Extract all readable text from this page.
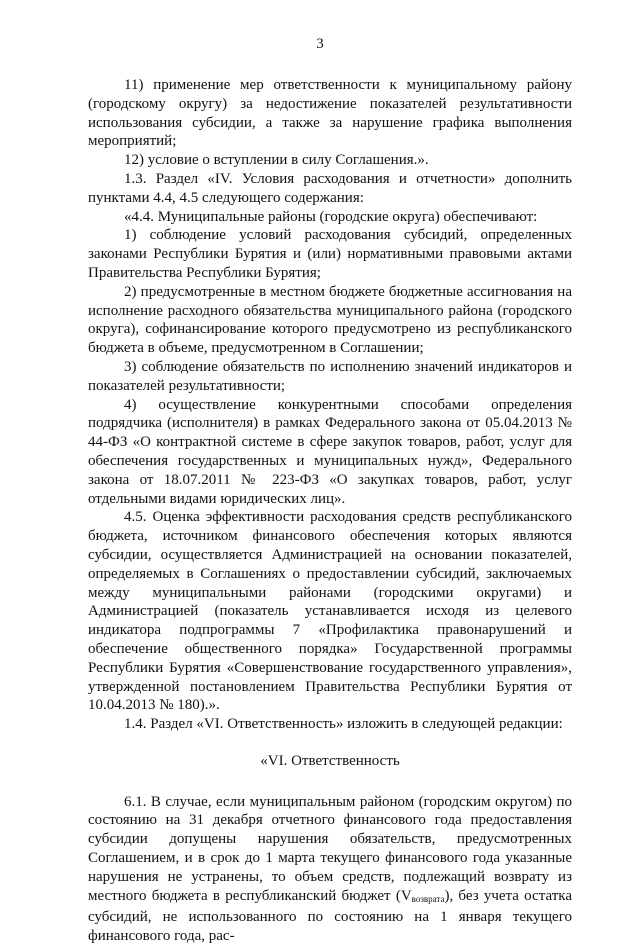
3

11) применение мер ответственности к муниципальному району (городскому округу) за недостижение показателей результативности использования субсидии, а также за нарушение графика выполнения мероприятий;

12) условие о вступлении в силу Соглашения.».

1.3. Раздел «IV. Условия расходования и отчетности» дополнить пунктами 4.4, 4.5 следующего содержания:

«4.4. Муниципальные районы (городские округа) обеспечивают:

1) соблюдение условий расходования субсидий, определенных законами Республики Бурятия и (или) нормативными правовыми актами Правительства Республики Бурятия;

2) предусмотренные в местном бюджете бюджетные ассигнования на исполнение расходного обязательства муниципального района (городского округа), софинансирование которого предусмотрено из республиканского бюджета в объеме, предусмотренном в Соглашении;

3) соблюдение обязательств по исполнению значений индикаторов и показателей результативности;

4) осуществление конкурентными способами определения подрядчика (исполнителя) в рамках Федерального закона от 05.04.2013 № 44-ФЗ «О контрактной системе в сфере закупок товаров, работ, услуг для обеспечения государственных и муниципальных нужд», Федерального закона от 18.07.2011 № 223-ФЗ «О закупках товаров, работ, услуг отдельными видами юридических лиц».

4.5. Оценка эффективности расходования средств республиканского бюджета, источником финансового обеспечения которых являются субсидии, осуществляется Администрацией на основании показателей, определяемых в Соглашениях о предоставлении субсидий, заключаемых между муниципальными районами (городскими округами) и Администрацией (показатель устанавливается исходя из целевого индикатора подпрограммы 7 «Профилактика правонарушений и обеспечение общественного порядка» Государственной программы Республики Бурятия «Совершенствование государственного управления», утвержденной постановлением Правительства Республики Бурятия от 10.04.2013 № 180).».

1.4. Раздел «VI. Ответственность» изложить в следующей редакции:

«VI. Ответственность

6.1. В случае, если муниципальным районом (городским округом) по состоянию на 31 декабря отчетного финансового года предоставления субсидии допущены нарушения обязательств, предусмотренных Соглашением, и в срок до 1 марта текущего финансового года указанные нарушения не устранены, то объем средств, подлежащий возврату из местного бюджета в республиканский бюджет (Vвозврата), без учета остатка субсидий, не использованного по состоянию на 1 января текущего финансового года, рас-
